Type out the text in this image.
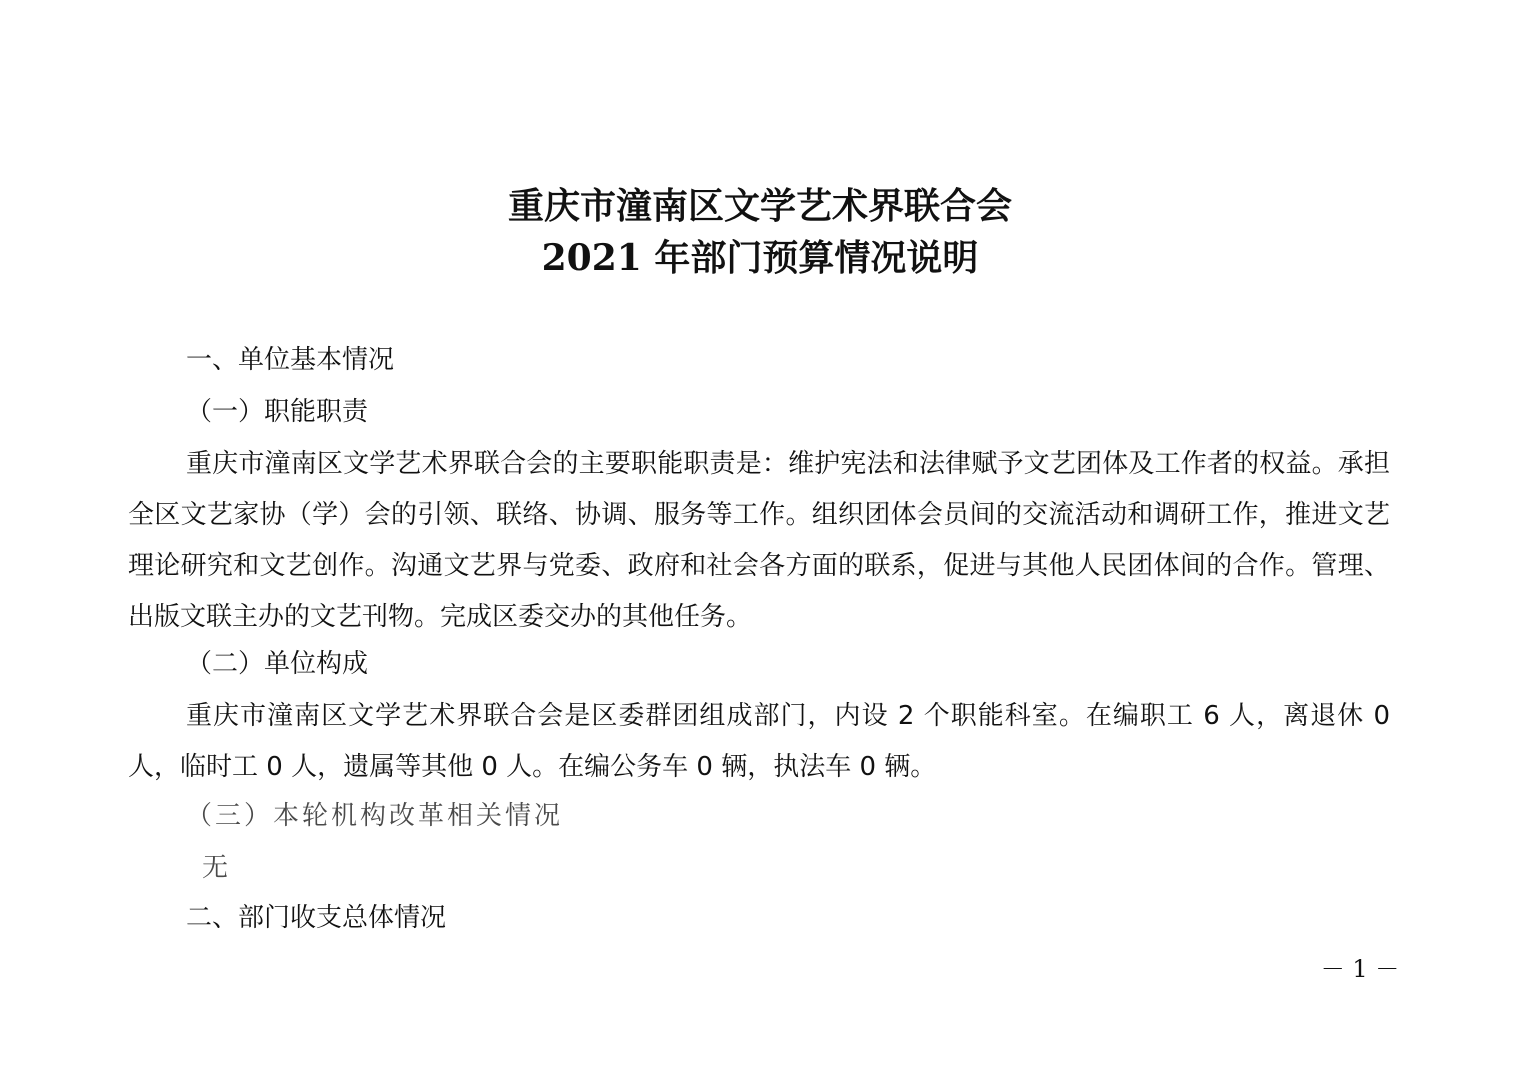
重庆市潼南区文学艺术界联合会
2021 年部门预算情况说明
一、单位基本情况
（一）职能职责
重庆市潼南区文学艺术界联合会的主要职能职责是：维护宪法和法律赋予文艺团体及工作者的权益。承担全区文艺家协（学）会的引领、联络、协调、服务等工作。组织团体会员间的交流活动和调研工作，推进文艺理论研究和文艺创作。沟通文艺界与党委、政府和社会各方面的联系，促进与其他人民团体间的合作。管理、出版文联主办的文艺刊物。完成区委交办的其他任务。
（二）单位构成
重庆市潼南区文学艺术界联合会是区委群团组成部门，内设 2 个职能科室。在编职工 6 人，离退休 0 人，临时工 0 人，遗属等其他 0 人。在编公务车 0 辆，执法车 0 辆。
（三）本轮机构改革相关情况
无
二、部门收支总体情况
－ 1 －
